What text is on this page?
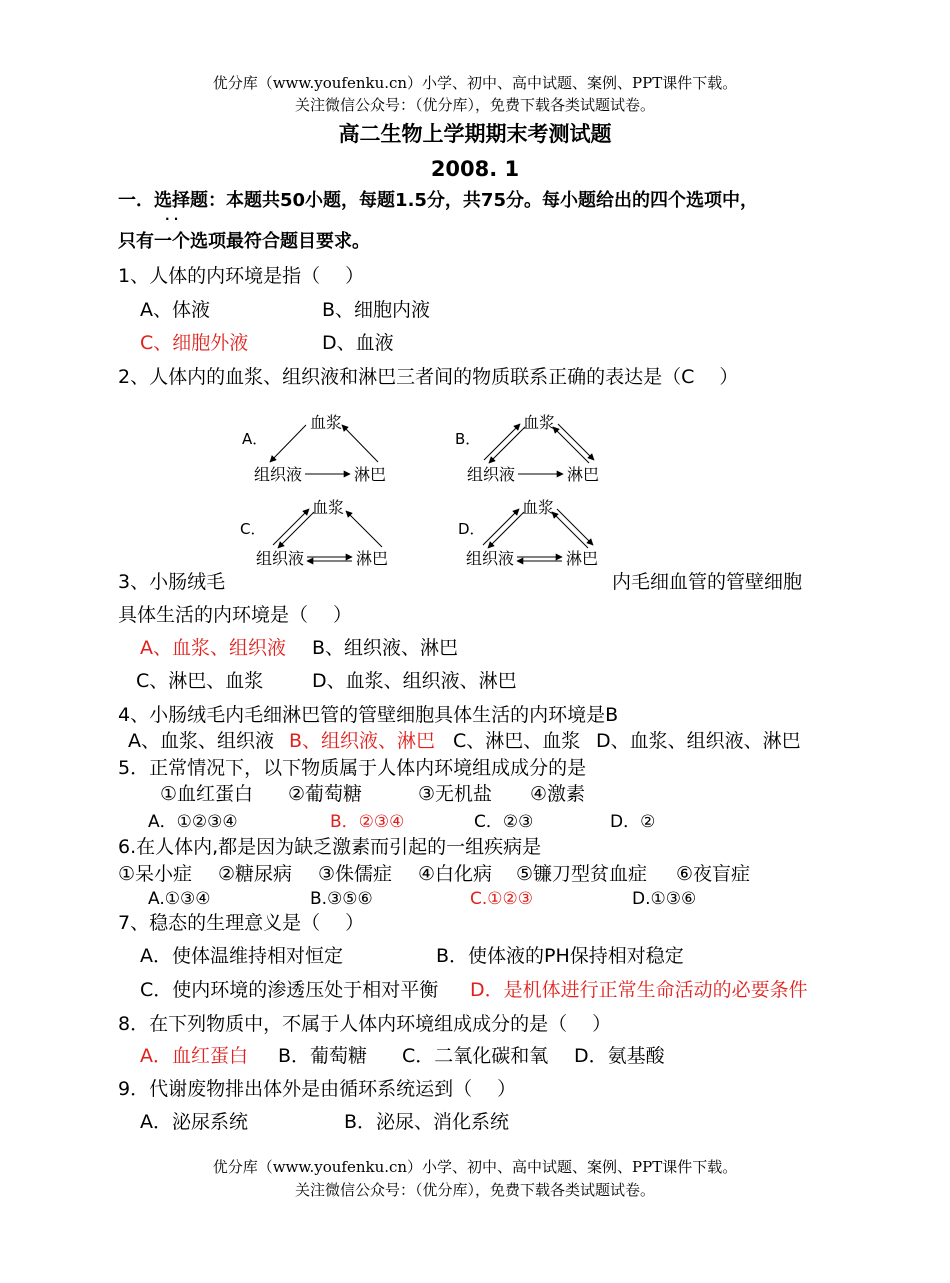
优分库（www.youfenku.cn）小学、初中、高中试题、案例、PPT课件下载。
关注微信公众号：（优分库），免费下载各类试题试卷。
高二生物上学期期末考测试题
2008. 1
一．选择题：本题共50小题，每题1.5分，共75分。每小题给出的四个选项中，
· ·
只有一个选项最符合题目要求。
1、人体的内环境是指（　 ）
A、体液	B、细胞内液
C、细胞外液	D、血液
2、人体内的血浆、组织液和淋巴三者间的物质联系正确的表达是（C　 ）
A．
血浆
组织液	淋巴
B．
血浆
组织液	淋巴
C．
血浆
组织液	淋巴
D．
血浆
组织液	淋巴
3、小肠绒毛	内毛细血管的管壁细胞
具体生活的内环境是（　 ）
A、血浆、组织液 B、组织液、淋巴
C、淋巴、血浆	D、血浆、组织液、淋巴
4、小肠绒毛内毛细淋巴管的管壁细胞具体生活的内环境是B
A、血浆、组织液 B、组织液、淋巴 C、淋巴、血浆 D、血浆、组织液、淋巴
5．正常情况下，以下物质属于人体内环境组成成分的是
①血红蛋白 ②葡萄糖	③无机盐 ④激素
A．①②③④	B．②③④	C．②③	D．②
6.在人体内,都是因为缺乏激素而引起的一组疾病是
①呆小症 ②糖尿病 ③侏儒症 ④白化病 ⑤镰刀型贫血症 ⑥夜盲症
A.①③④	B.③⑤⑥	C.①②③	D.①③⑥
7、稳态的生理意义是（　 ）
A．使体温维持相对恒定	B．使体液的PH保持相对稳定
C．使内环境的渗透压处于相对平衡 D．是机体进行正常生命活动的必要条件
8．在下列物质中，不属于人体内环境组成成分的是（　 ）
A．血红蛋白 B．葡萄糖 C．二氧化碳和氧 D．氨基酸
9．代谢废物排出体外是由循环系统运到（　 ）
A．泌尿系统	B．泌尿、消化系统
优分库（www.youfenku.cn）小学、初中、高中试题、案例、PPT课件下载。
关注微信公众号：（优分库），免费下载各类试题试卷。
